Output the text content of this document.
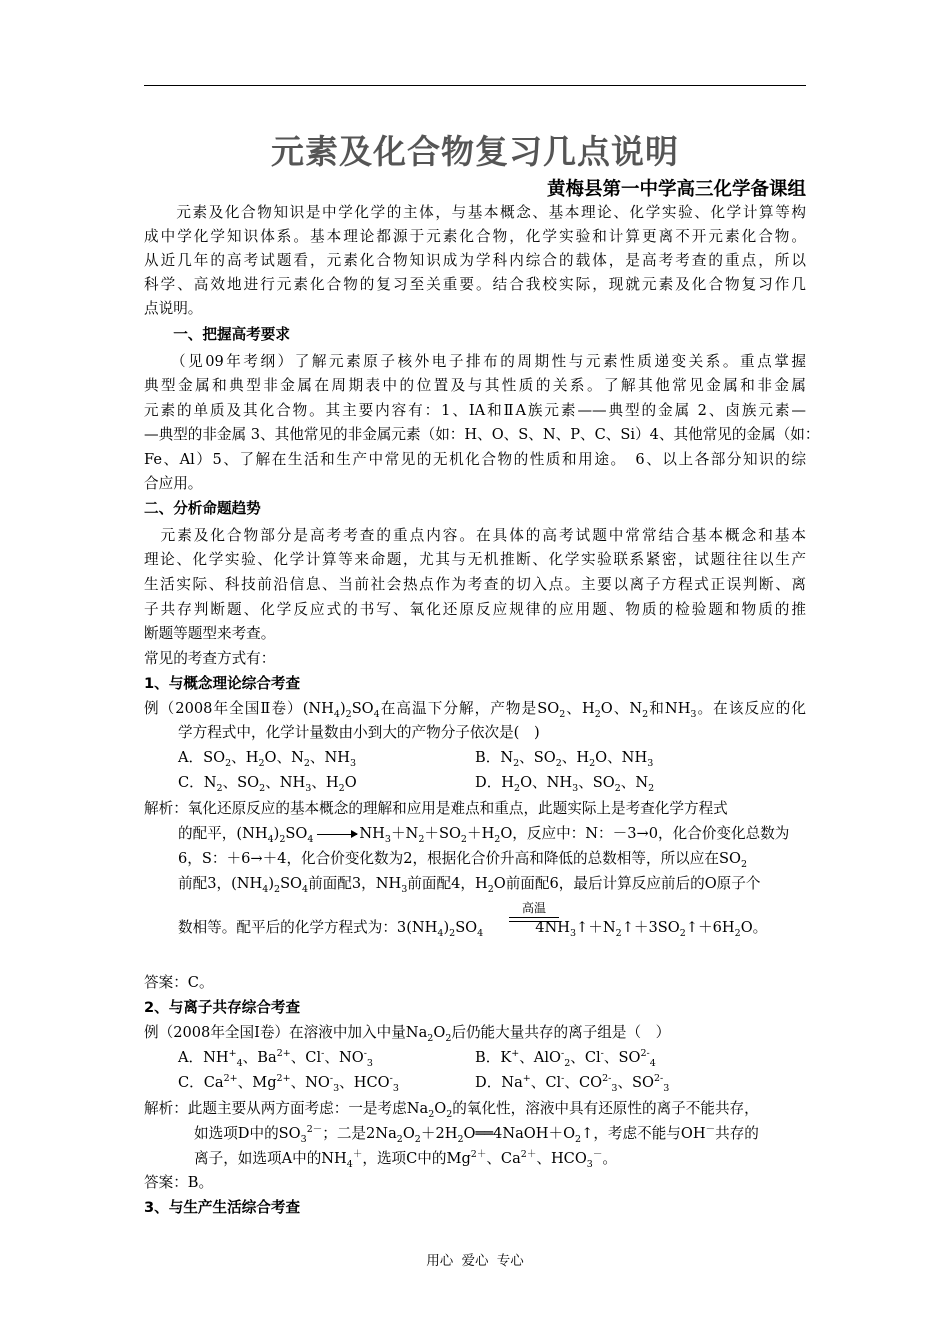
元素及化合物复习几点说明
黄梅县第一中学高三化学备课组
　　元素及化合物知识是中学化学的主体，与基本概念、基本理论、化学实验、化学计算等构
成中学化学知识体系。基本理论都源于元素化合物，化学实验和计算更离不开元素化合物。
从近几年的高考试题看，元素化合物知识成为学科内综合的载体，是高考考查的重点，所以
科学、高效地进行元素化合物的复习至关重要。结合我校实际，现就元素及化合物复习作几
点说明。
　　一、把握高考要求
　　（见09年考纲）了解元素原子核外电子排布的周期性与元素性质递变关系。重点掌握
典型金属和典型非金属在周期表中的位置及与其性质的关系。了解其他常见金属和非金属
元素的单质及其化合物。其主要内容有：1、IA和ⅡA族元素——典型的金属 2、卤族元素—
—典型的非金属 3、其他常见的非金属元素（如：H、O、S、N、P、C、Si）4、其他常见的金属（如：
Fe、Al）5、了解在生活和生产中常见的无机化合物的性质和用途。　6、以上各部分知识的综
合应用。
二、分析命题趋势
　元素及化合物部分是高考考查的重点内容。在具体的高考试题中常常结合基本概念和基本
理论、化学实验、化学计算等来命题，尤其与无机推断、化学实验联系紧密，试题往往以生产
生活实际、科技前沿信息、当前社会热点作为考查的切入点。主要以离子方程式正误判断、离
子共存判断题、化学反应式的书写、氧化还原反应规律的应用题、物质的检验题和物质的推
断题等题型来考查。
常见的考查方式有：
1、与概念理论综合考查
例（2008年全国Ⅱ卷）$(NH_4)_2SO_4$在高温下分解，产物是$SO_2$、$H_2O$、$N_2$和$NH_3$。在该反应的化
学方程式中，化学计量数由小到大的产物分子依次是(　)
A．$SO_2$、$H_2O$、$N_2$、$NH_3$	B．$N_2$、$SO_2$、$H_2O$、$NH_3$
C．$N_2$、$SO_2$、$NH_3$、$H_2O$	D．$H_2O$、$NH_3$、$SO_2$、$N_2$
解析：氧化还原反应的基本概念的理解和应用是难点和重点，此题实际上是考查化学方程式
的配平，$(NH_4)_2SO_4 \to NH_3+N_2+SO_2+H_2O$，反应中：N：－3→0，化合价变化总数为
6，S：＋6→＋4，化合价变化数为2，根据化合价升高和降低的总数相等，所以应在$SO_2$
前配3，$(NH_4)_2SO_4$前面配3，$NH_3$前面配4，$H_2O$前面配6，最后计算反应前后的O原子个
高温
数相等。配平后的化学方程式为：$3(NH_4)_2SO_4$	$4NH_3↑+N_2↑+3SO_2↑+6H_2O$。
答案：C。
2、与离子共存综合考查
例（2008年全国Ⅰ卷）在溶液中加入中量$Na_2O_2$后仍能大量共存的离子组是（　）
A．$NH^+_4$、$Ba^{2+}$、Cl-、$NO^-_3$	B．K+、AlO-$_2$、Cl-、$SO^{2-}_4$
C．$Ca^{2+}$、$Mg^{2+}$、$NO^-_3$、$HCO^-_3$	D．Na+、Cl-、$CO^{2-}_3$、$SO^{2-}_3$
解析：此题主要从两方面考虑：一是考虑$Na_2O_2$的氧化性，溶液中具有还原性的离子不能共存，
如选项D中的$SO_3^{2-}$；二是$2Na_2O_2+2H_2O══4NaOH+O_2↑$，考虑不能与OH－共存的
离子，如选项A中的$NH_4^+$，选项C中的$Mg^{2+}$、$Ca^{2+}$、$HCO_3^-$。
答案：B。
3、与生产生活综合考查
用心 爱心 专心
